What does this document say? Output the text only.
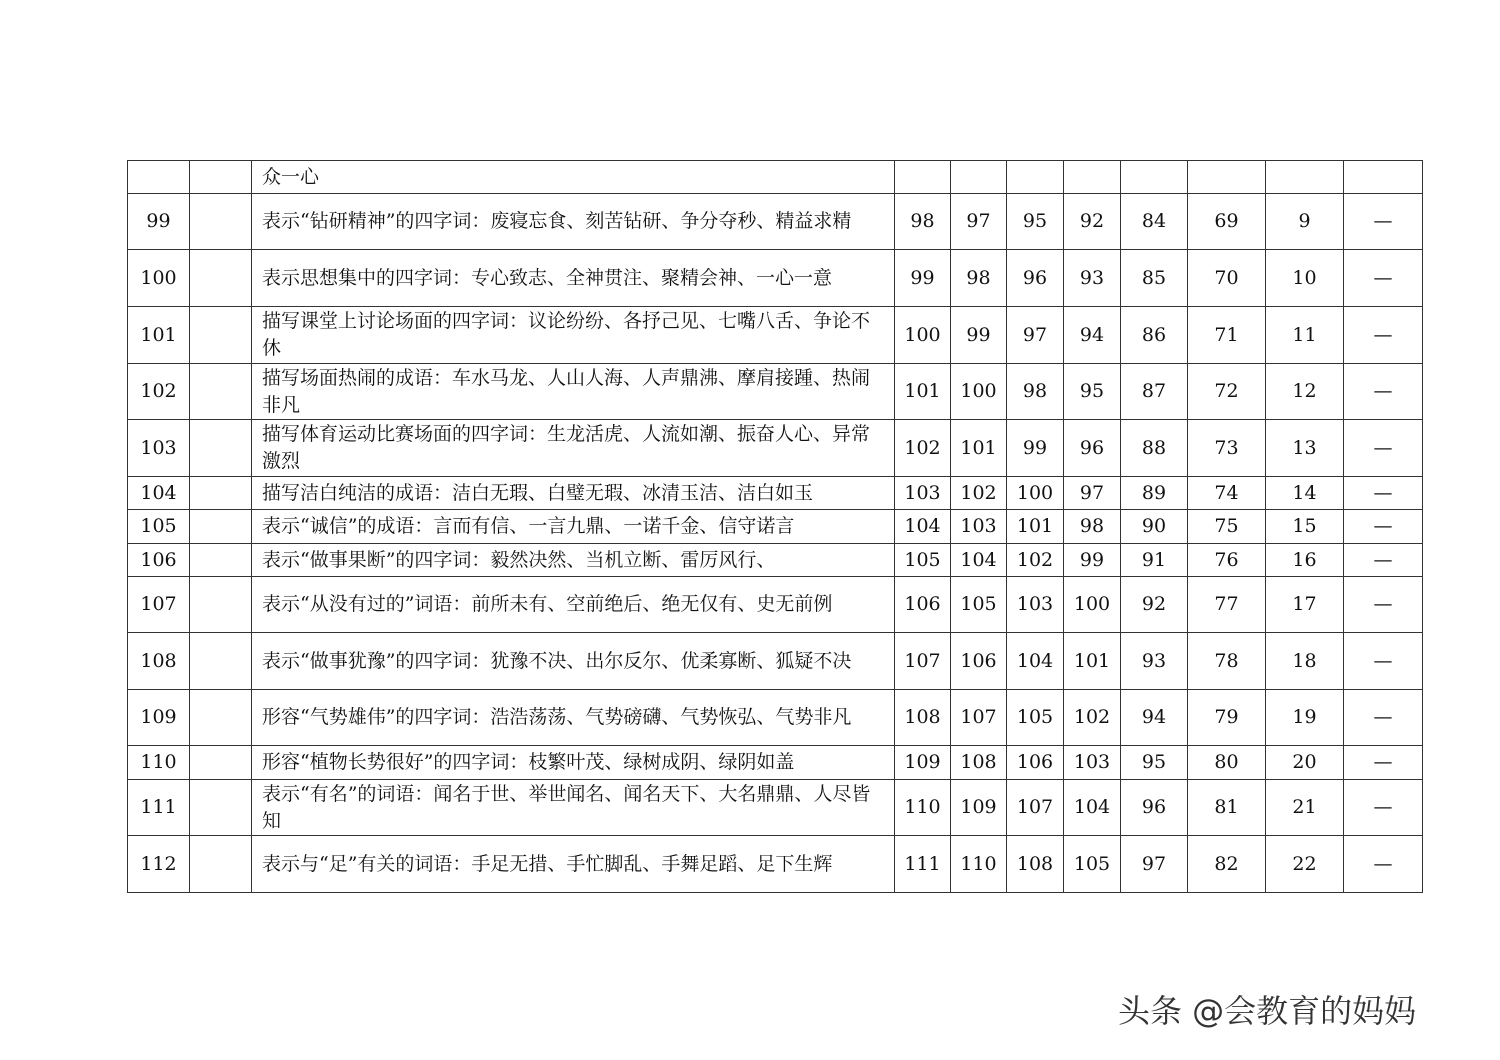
		众一心								
99		表示“钻研精神”的四字词：废寝忘食、刻苦钻研、争分夺秒、精益求精	98	97	95	92	84	69	9	—
100		表示思想集中的四字词：专心致志、全神贯注、聚精会神、一心一意	99	98	96	93	85	70	10	—
101		描写课堂上讨论场面的四字词：议论纷纷、各抒己见、七嘴八舌、争论不休	100	99	97	94	86	71	11	—
102		描写场面热闹的成语：车水马龙、人山人海、人声鼎沸、摩肩接踵、热闹非凡	101	100	98	95	87	72	12	—
103		描写体育运动比赛场面的四字词：生龙活虎、人流如潮、振奋人心、异常激烈	102	101	99	96	88	73	13	—
104		描写洁白纯洁的成语：洁白无瑕、白璧无瑕、冰清玉洁、洁白如玉	103	102	100	97	89	74	14	—
105		表示“诚信”的成语：言而有信、一言九鼎、一诺千金、信守诺言	104	103	101	98	90	75	15	—
106		表示“做事果断”的四字词：毅然决然、当机立断、雷厉风行、	105	104	102	99	91	76	16	—
107		表示“从没有过的”词语：前所未有、空前绝后、绝无仅有、史无前例	106	105	103	100	92	77	17	—
108		表示“做事犹豫”的四字词：犹豫不决、出尔反尔、优柔寡断、狐疑不决	107	106	104	101	93	78	18	—
109		形容“气势雄伟”的四字词：浩浩荡荡、气势磅礴、气势恢弘、气势非凡	108	107	105	102	94	79	19	—
110		形容“植物长势很好”的四字词：枝繁叶茂、绿树成阴、绿阴如盖	109	108	106	103	95	80	20	—
111		表示“有名”的词语：闻名于世、举世闻名、闻名天下、大名鼎鼎、人尽皆知	110	109	107	104	96	81	21	—
112		表示与“足”有关的词语：手足无措、手忙脚乱、手舞足蹈、足下生辉	111	110	108	105	97	82	22	—
头条 @会教育的妈妈
